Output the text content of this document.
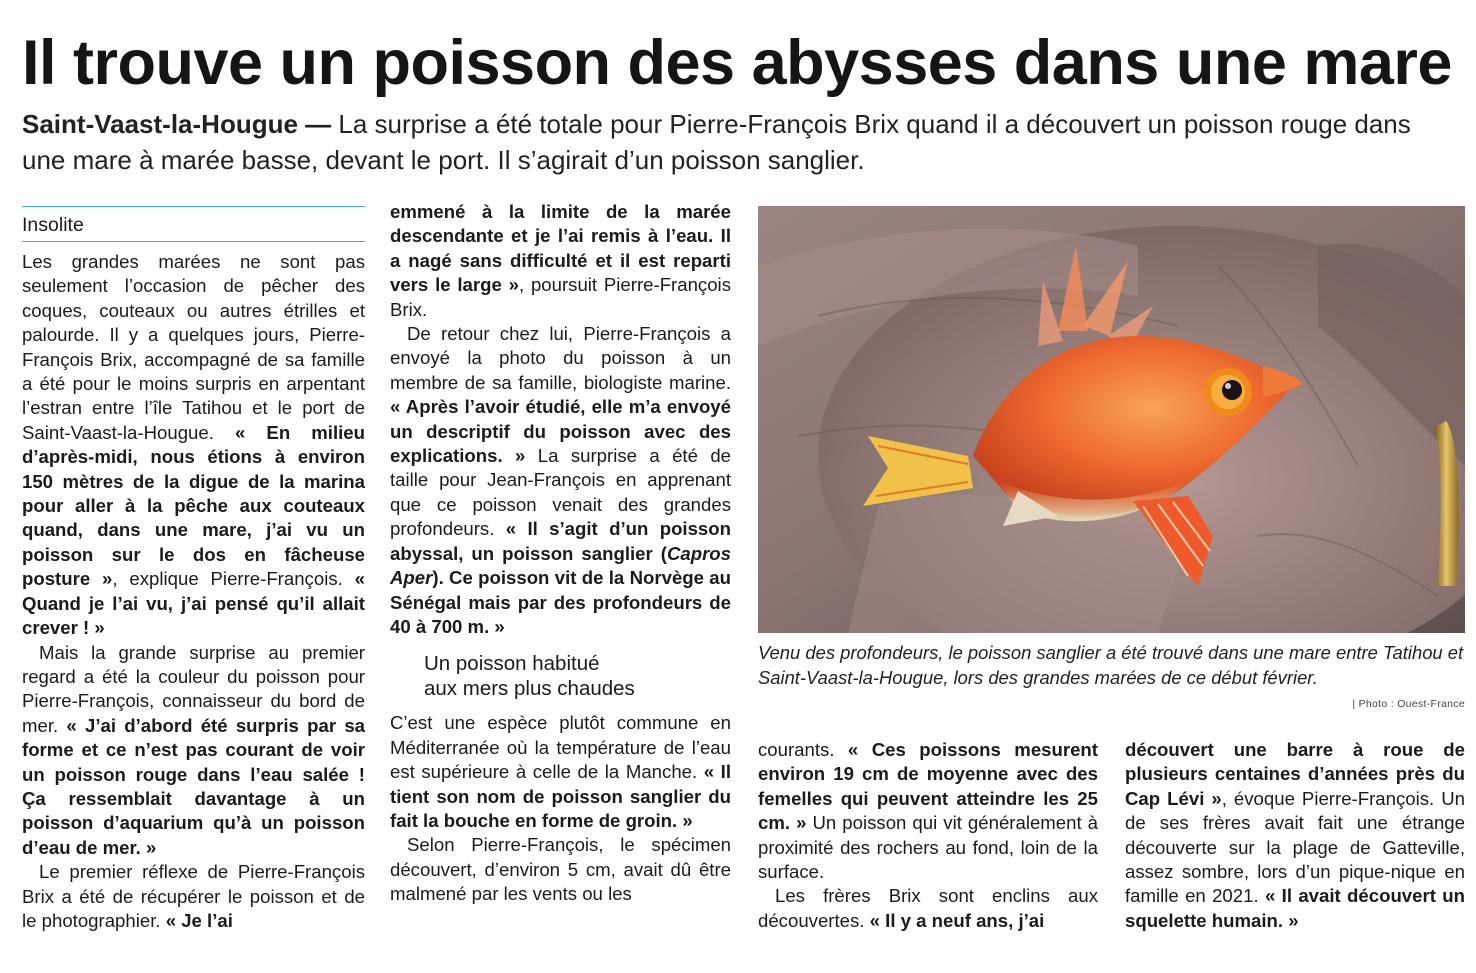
Il trouve un poisson des abysses dans une mare

Saint-Vaast-la-Hougue — La surprise a été totale pour Pierre-François Brix quand il a découvert un poisson rouge dans une mare à marée basse, devant le port. Il s’agirait d’un poisson sanglier.

Insolite

Les grandes marées ne sont pas seulement l’occasion de pêcher des coques, couteaux ou autres étrilles et palourde. Il y a quelques jours, Pierre-François Brix, accompagné de sa famille a été pour le moins surpris en arpentant l’estran entre l’île Tatihou et le port de Saint-Vaast-la-Hougue. « En milieu d’après-midi, nous étions à environ 150 mètres de la digue de la marina pour aller à la pêche aux couteaux quand, dans une mare, j’ai vu un poisson sur le dos en fâcheuse posture », explique Pierre-François. « Quand je l’ai vu, j’ai pensé qu’il allait crever ! »

Mais la grande surprise au premier regard a été la couleur du poisson pour Pierre-François, connaisseur du bord de mer. « J’ai d’abord été surpris par sa forme et ce n’est pas courant de voir un poisson rouge dans l’eau salée ! Ça ressemblait davantage à un poisson d’aquarium qu’à un poisson d’eau de mer. »

Le premier réflexe de Pierre-François Brix a été de récupérer le poisson et de le photographier. « Je l’ai

emmené à la limite de la marée descendante et je l’ai remis à l’eau. Il a nagé sans difficulté et il est reparti vers le large », poursuit Pierre-François Brix.

De retour chez lui, Pierre-François a envoyé la photo du poisson à un membre de sa famille, biologiste marine. « Après l’avoir étudié, elle m’a envoyé un descriptif du poisson avec des explications. » La surprise a été de taille pour Jean-François en apprenant que ce poisson venait des grandes profondeurs. « Il s’agit d’un poisson abyssal, un poisson sanglier (Capros Aper). Ce poisson vit de la Norvège au Sénégal mais par des profondeurs de 40 à 700 m. »

Un poisson habitué
aux mers plus chaudes

C’est une espèce plutôt commune en Méditerranée où la température de l’eau est supérieure à celle de la Manche. « Il tient son nom de poisson sanglier du fait la bouche en forme de groin. »

Selon Pierre-François, le spécimen découvert, d’environ 5 cm, avait dû être malmené par les vents ou les

Venu des profondeurs, le poisson sanglier a été trouvé dans une mare entre Tatihou et Saint-Vaast-la-Hougue, lors des grandes marées de ce début février.

| Photo : Ouest-France

courants. « Ces poissons mesurent environ 19 cm de moyenne avec des femelles qui peuvent atteindre les 25 cm. » Un poisson qui vit généralement à proximité des rochers au fond, loin de la surface.

Les frères Brix sont enclins aux découvertes. « Il y a neuf ans, j’ai

découvert une barre à roue de plusieurs centaines d’années près du Cap Lévi », évoque Pierre-François. Un de ses frères avait fait une étrange découverte sur la plage de Gatteville, assez sombre, lors d’un pique-nique en famille en 2021. « Il avait découvert un squelette humain. »
